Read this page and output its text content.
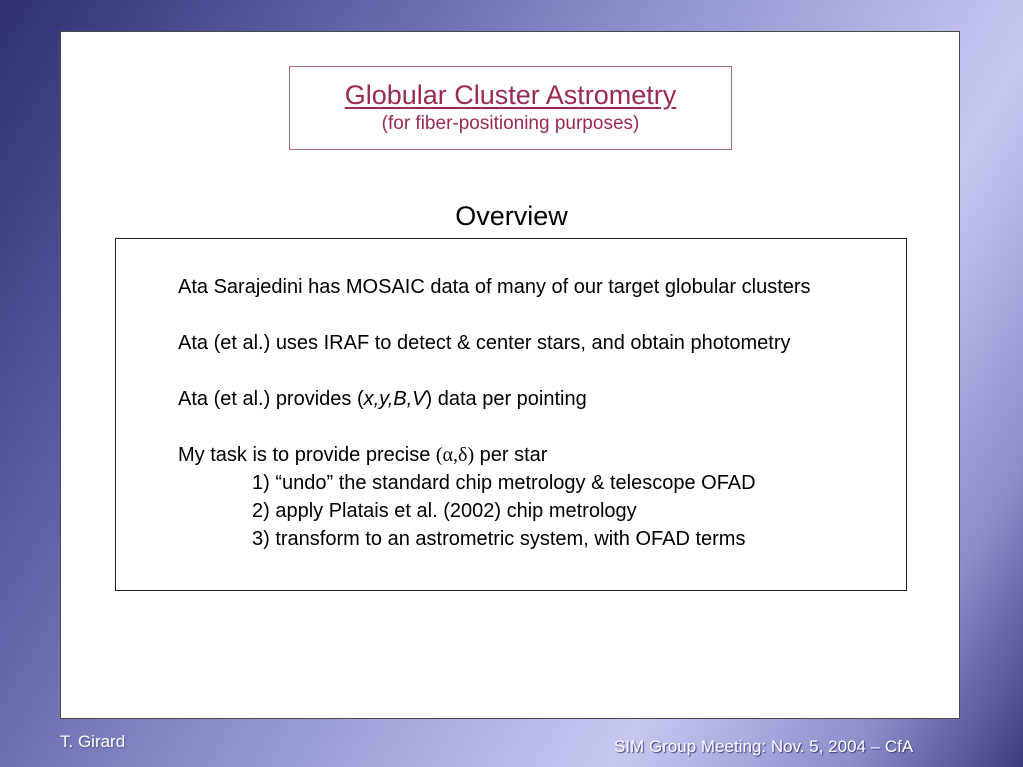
Globular Cluster Astrometry
(for fiber-positioning purposes)
Overview

Ata Sarajedini has MOSAIC data of many of our target globular clusters

Ata (et al.) uses IRAF to detect & center stars, and obtain photometry

Ata (et al.) provides (x,y,B,V) data per pointing

My task is to provide precise (α,δ) per star

1) “undo” the standard chip metrology & telescope OFAD

2) apply Platais et al. (2002) chip metrology

3) transform to an astrometric system, with OFAD terms

T. Girard	SIM Group Meeting: Nov. 5, 2004 – CfA
